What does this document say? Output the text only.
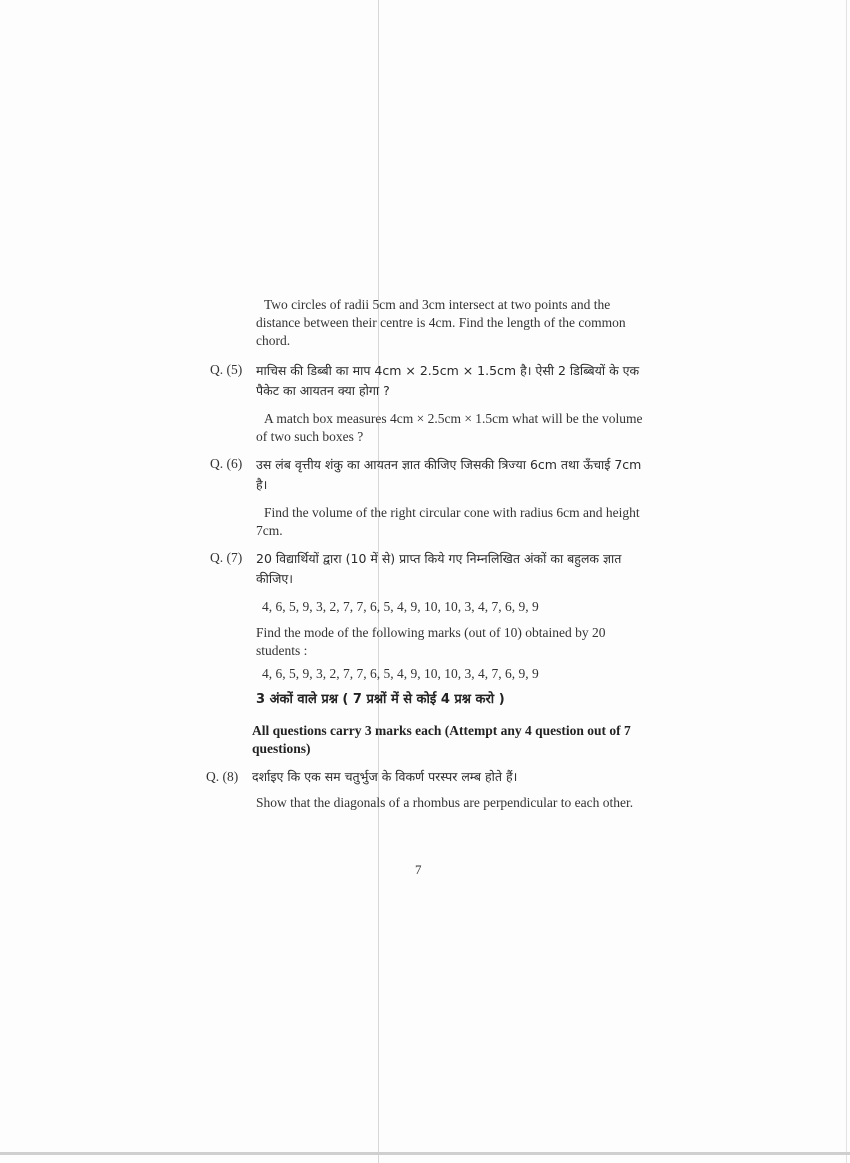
Two circles of radii 5cm and 3cm intersect at two points and the distance between their centre is 4cm. Find the length of the common chord.
Q. (5) माचिस की डिब्बी का माप 4cm × 2.5cm × 1.5cm है। ऐसी 2 डिब्बियों के एक पैकेट का आयतन क्या होगा ?
A match box measures 4cm × 2.5cm × 1.5cm what will be the volume of two such boxes ?
Q. (6) उस लंब वृत्तीय शंकु का आयतन ज्ञात कीजिए जिसकी त्रिज्या 6cm तथा ऊँचाई 7cm है।
Find the volume of the right circular cone with radius 6cm and height 7cm.
Q. (7) 20 विद्यार्थियों द्वारा (10 में से) प्राप्त किये गए निम्नलिखित अंकों का बहुलक ज्ञात कीजिए।
4, 6, 5, 9, 3, 2, 7, 7, 6, 5, 4, 9, 10, 10, 3, 4, 7, 6, 9, 9
Find the mode of the following marks (out of 10) obtained by 20 students :
4, 6, 5, 9, 3, 2, 7, 7, 6, 5, 4, 9, 10, 10, 3, 4, 7, 6, 9, 9
3 अंकों वाले प्रश्न ( 7 प्रश्नों में से कोई 4 प्रश्न करो )
All questions carry 3 marks each (Attempt any 4 question out of 7 questions)
Q. (8) दर्शाइए कि एक सम चतुर्भुज के विकर्ण परस्पर लम्ब होते हैं।
Show that the diagonals of a rhombus are perpendicular to each other.
7
